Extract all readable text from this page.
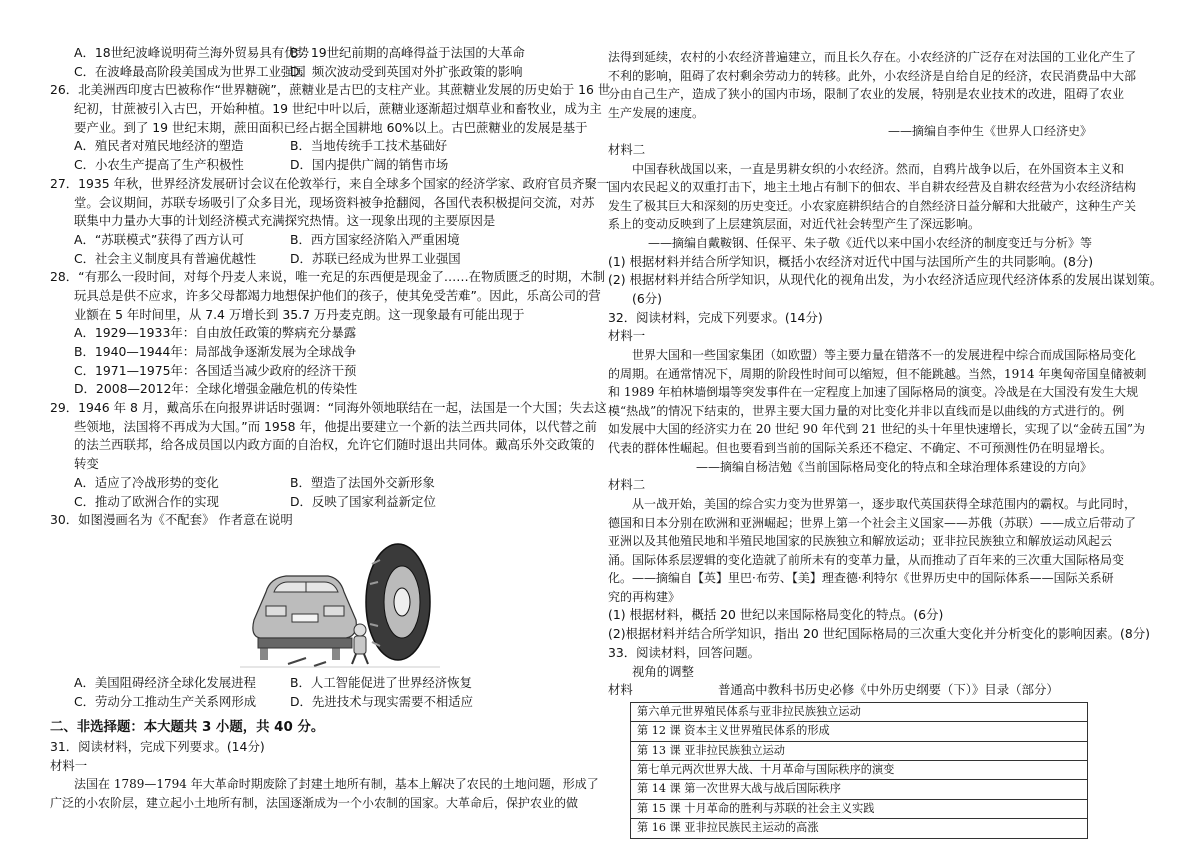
A．18世纪波峰说明荷兰海外贸易具有优势
B．19世纪前期的高峰得益于法国的大革命
C．在波峰最高阶段美国成为世界工业强国
D．频次波动受到英国对外扩张政策的影响
26．北美洲西印度古巴被称作“世界糖碗”，蔗糖业是古巴的支柱产业。其蔗糖业发展的历史始于 16 世
纪初，甘蔗被引入古巴，开始种植。19 世纪中叶以后，蔗糖业逐渐超过烟草业和畜牧业，成为主
要产业。到了 19 世纪末期，蔗田面积已经占据全国耕地 60%以上。古巴蔗糖业的发展是基于
A．殖民者对殖民地经济的塑造	B．当地传统手工技术基础好
C．小农生产提高了生产积极性	D．国内提供广阔的销售市场
27．1935 年秋，世界经济发展研讨会议在伦敦举行，来自全球多个国家的经济学家、政府官员齐聚一
堂。会议期间，苏联专场吸引了众多目光，现场资料被争抢翻阅，各国代表积极提问交流，对苏
联集中力量办大事的计划经济模式充满探究热情。这一现象出现的主要原因是
A．“苏联模式”获得了西方认可	B．西方国家经济陷入严重困境
C．社会主义制度具有普遍优越性	D．苏联已经成为世界工业强国
28．“有那么一段时间，对每个丹麦人来说，唯一充足的东西便是现金了……在物质匮乏的时期，木制
玩具总是供不应求，许多父母都竭力地想保护他们的孩子，使其免受苦难”。因此，乐高公司的营
业额在 5 年时间里，从 7.4 万增长到 35.7 万丹麦克朗。这一现象最有可能出现于
A．1929—1933年：自由放任政策的弊病充分暴露
B．1940—1944年：局部战争逐渐发展为全球战争
C．1971—1975年：各国适当减少政府的经济干预
D．2008—2012年：全球化增强金融危机的传染性
29．1946 年 8 月，戴高乐在向报界讲话时强调：“同海外领地联结在一起，法国是一个大国；失去这
些领地，法国将不再成为大国。”而 1958 年，他提出要建立一个新的法兰西共同体，以代替之前
的法兰西联邦，给各成员国以内政方面的自治权，允许它们随时退出共同体。戴高乐外交政策的
转变
A．适应了冷战形势的变化	B．塑造了法国外交新形象
C．推动了欧洲合作的实现	D．反映了国家利益新定位
30．如图漫画名为《不配套》 作者意在说明
A．美国阻碍经济全球化发展进程	B．人工智能促进了世界经济恢复
C．劳动分工推动生产关系网形成	D．先进技术与现实需要不相适应
二、非选择题：本大题共 3 小题，共 40 分。
31．阅读材料，完成下列要求。(14分)
材料一
法国在 1789—1794 年大革命时期废除了封建土地所有制，基本上解决了农民的土地问题，形成了
广泛的小农阶层，建立起小土地所有制，法国逐渐成为一个小农制的国家。大革命后，保护农业的做
法得到延续，农村的小农经济普遍建立，而且长久存在。小农经济的广泛存在对法国的工业化产生了
不利的影响，阻碍了农村剩余劳动力的转移。此外，小农经济是自给自足的经济，农民消费品中大部
分由自己生产，造成了狭小的国内市场，限制了农业的发展，特别是农业技术的改进，阻碍了农业
生产发展的速度。
——摘编自李仲生《世界人口经济史》
材料二
中国春秋战国以来，一直是男耕女织的小农经济。然而，自鸦片战争以后，在外国资本主义和
国内农民起义的双重打击下，地主土地占有制下的佃农、半自耕农经营及自耕农经营为小农经济结构
发生了极其巨大和深刻的历史变迁。小农家庭耕织结合的自然经济日益分解和大批破产，这种生产关
系上的变动反映到了上层建筑层面，对近代社会转型产生了深远影响。
——摘编自戴鞍钢、任保平、朱子敬《近代以来中国小农经济的制度变迁与分析》等
(1) 根据材料并结合所学知识，概括小农经济对近代中国与法国所产生的共同影响。(8分)
(2) 根据材料并结合所学知识，从现代化的视角出发，为小农经济适应现代经济体系的发展出谋划策。
(6分)
32．阅读材料，完成下列要求。(14分)
材料一
世界大国和一些国家集团（如欧盟）等主要力量在错落不一的发展进程中综合而成国际格局变化
的周期。在通常情况下，周期的阶段性时间可以缩短，但不能跳越。当然，1914 年奥匈帝国皇储被刺
和 1989 年柏林墙倒塌等突发事件在一定程度上加速了国际格局的演变。冷战是在大国没有发生大规
模“热战”的情况下结束的，世界主要大国力量的对比变化并非以直线而是以曲线的方式进行的。例
如发展中大国的经济实力在 20 世纪 90 年代到 21 世纪的头十年里快速增长，实现了以“金砖五国”为
代表的群体性崛起。但也要看到当前的国际关系还不稳定、不确定、不可预测性仍在明显增长。
——摘编自杨洁勉《当前国际格局变化的特点和全球治理体系建设的方向》
材料二
从一战开始，美国的综合实力变为世界第一，逐步取代英国获得全球范围内的霸权。与此同时，
德国和日本分别在欧洲和亚洲崛起；世界上第一个社会主义国家——苏俄（苏联）——成立后带动了
亚洲以及其他殖民地和半殖民地国家的民族独立和解放运动；亚非拉民族独立和解放运动风起云
涌。国际体系层逻辑的变化造就了前所未有的变革力量，从而推动了百年来的三次重大国际格局变
化。——摘编自【英】里巴·布劳、【美】理查德·利特尔《世界历史中的国际体系——国际关系研
究的再构建》
(1) 根据材料，概括 20 世纪以来国际格局变化的特点。(6分)
(2)根据材料并结合所学知识，指出 20 世纪国际格局的三次重大变化并分析变化的影响因素。(8分)
33．阅读材料，回答问题。
视角的调整
材料	普通高中教科书历史必修《中外历史纲要（下）》目录（部分）
第六单元世界殖民体系与亚非拉民族独立运动
第 12 课 资本主义世界殖民体系的形成
第 13 课 亚非拉民族独立运动
第七单元两次世界大战、十月革命与国际秩序的演变
第 14 课 第一次世界大战与战后国际秩序
第 15 课 十月革命的胜利与苏联的社会主义实践
第 16 课 亚非拉民族民主运动的高涨
